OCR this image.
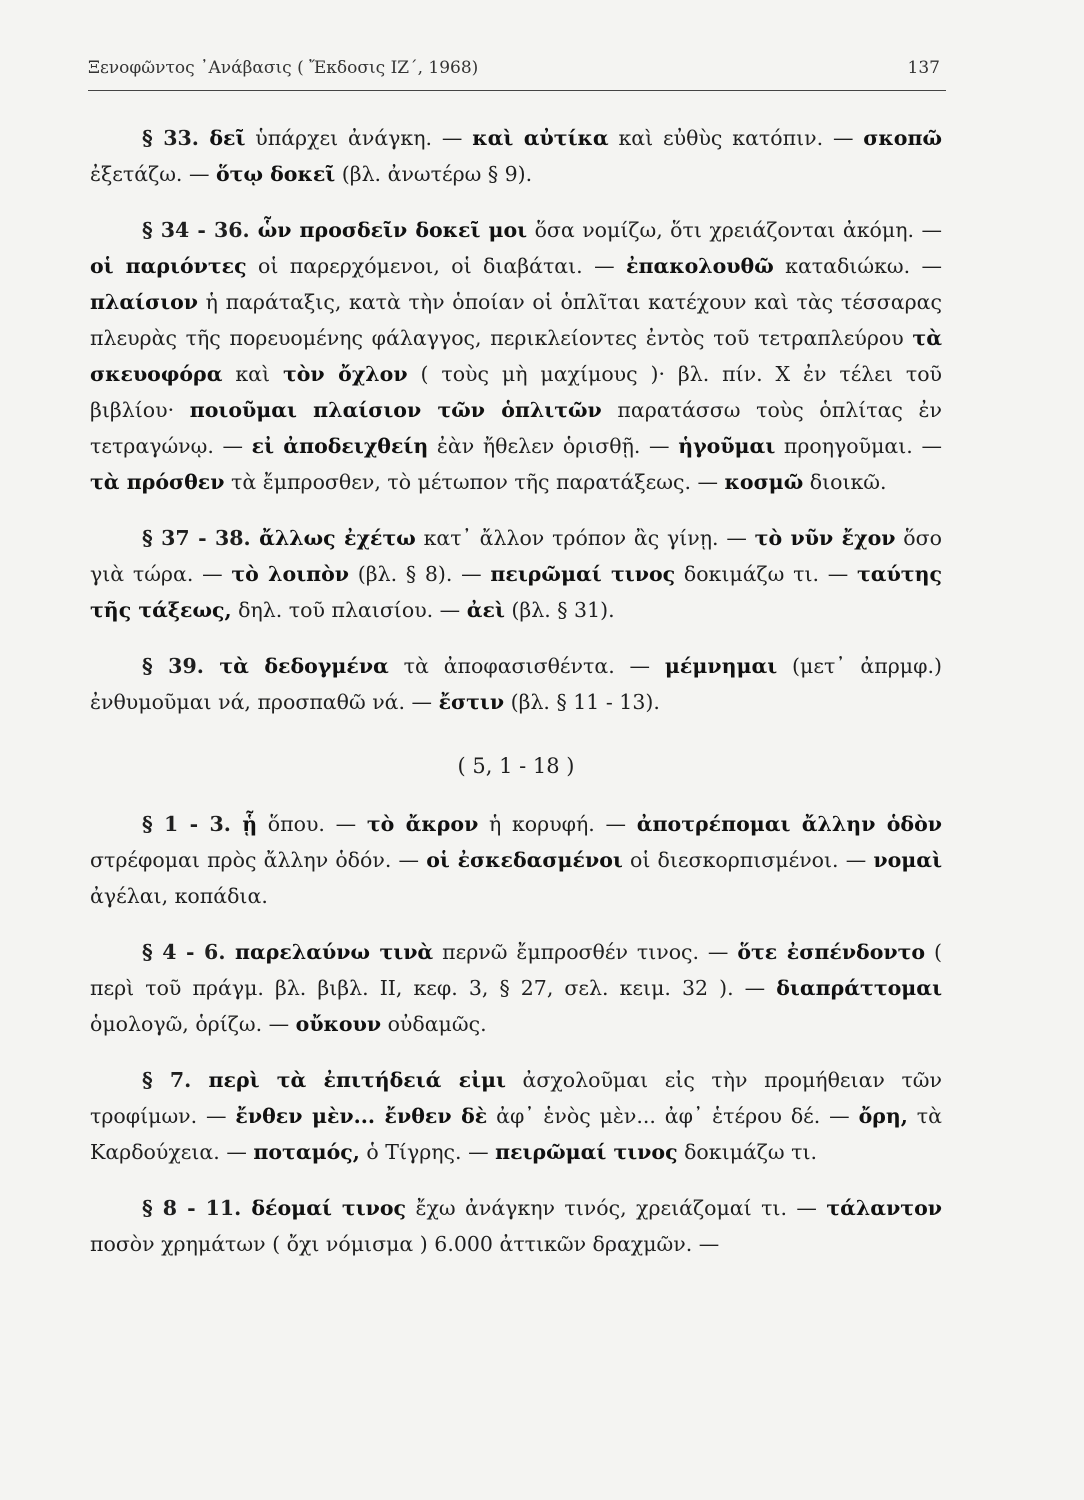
Ξενοφῶντος ᾽Ανάβασις ( Ἔκδοσις ΙΖ΄, 1968)	137

§ 33. δεῖ ὑπάρχει ἀνάγκη. — καὶ αὐτίκα καὶ εὐθὺς κατόπιν. — σκοπῶ ἐξετάζω. — ὅτῳ δοκεῖ (βλ. ἀνωτέρω § 9).

§ 34 - 36. ὧν προσδεῖν δοκεῖ μοι ὅσα νομίζω, ὅτι χρειάζονται ἀκόμη. — οἱ παριόντες οἱ παρερχόμενοι, οἱ διαβάται. — ἐπακολουθῶ καταδιώκω. — πλαίσιον ἡ παράταξις, κατὰ τὴν ὁποίαν οἱ ὁπλῖται κατέχουν καὶ τὰς τέσσαρας πλευρὰς τῆς πορευομένης φάλαγγος, περικλείοντες ἐντὸς τοῦ τετραπλεύρου τὰ σκευοφόρα καὶ τὸν ὄχλον ( τοὺς μὴ μαχίμους )· βλ. πίν. Χ ἐν τέλει τοῦ βιβλίου· ποιοῦμαι πλαίσιον τῶν ὁπλιτῶν παρατάσσω τοὺς ὁπλίτας ἐν τετραγώνῳ. — εἰ ἀποδειχθείη ἐὰν ἤθελεν ὁρισθῇ. — ἡγοῦμαι προηγοῦμαι. — τὰ πρόσθεν τὰ ἔμπροσθεν, τὸ μέτωπον τῆς παρατάξεως. — κοσμῶ διοικῶ.

§ 37 - 38. ἄλλως ἐχέτω κατ᾽ ἄλλον τρόπον ἂς γίνῃ. — τὸ νῦν ἔχον ὅσο γιὰ τώρα. — τὸ λοιπὸν (βλ. § 8). — πειρῶμαί τινος δοκιμάζω τι. — ταύτης τῆς τάξεως, δηλ. τοῦ πλαισίου. — ἀεὶ (βλ. § 31).

§ 39. τὰ δεδογμένα τὰ ἀποφασισθέντα. — μέμνημαι (μετ᾽ ἀπρμφ.) ἐνθυμοῦμαι νά, προσπαθῶ νά. — ἔστιν (βλ. § 11 - 13).

( 5, 1 - 18 )

§ 1 - 3. ᾗ ὅπου. — τὸ ἄκρον ἡ κορυφή. — ἀποτρέπομαι ἄλλην ὁδὸν στρέφομαι πρὸς ἄλλην ὁδόν. — οἱ ἐσκεδασμένοι οἱ διεσκορπισμένοι. — νομαὶ ἀγέλαι, κοπάδια.

§ 4 - 6. παρελαύνω τινὰ περνῶ ἔμπροσθέν τινος. — ὅτε ἐσπένδοντο ( περὶ τοῦ πράγμ. βλ. βιβλ. II, κεφ. 3, § 27, σελ. κειμ. 32 ). — διαπράττομαι ὁμολογῶ, ὁρίζω. — οὔκουν οὐδαμῶς.

§ 7. περὶ τὰ ἐπιτήδειά εἰμι ἀσχολοῦμαι εἰς τὴν προμήθειαν τῶν τροφίμων. — ἔνθεν μὲν... ἔνθεν δὲ ἀφ᾽ ἑνὸς μὲν... ἀφ᾽ ἑτέρου δέ. — ὄρη, τὰ Καρδούχεια. — ποταμός, ὁ Τίγρης. — πειρῶμαί τινος δοκιμάζω τι.

§ 8 - 11. δέομαί τινος ἔχω ἀνάγκην τινός, χρειάζομαί τι. — τάλαντον ποσὸν χρημάτων ( ὄχι νόμισμα ) 6.000 ἀττικῶν δραχμῶν. —
